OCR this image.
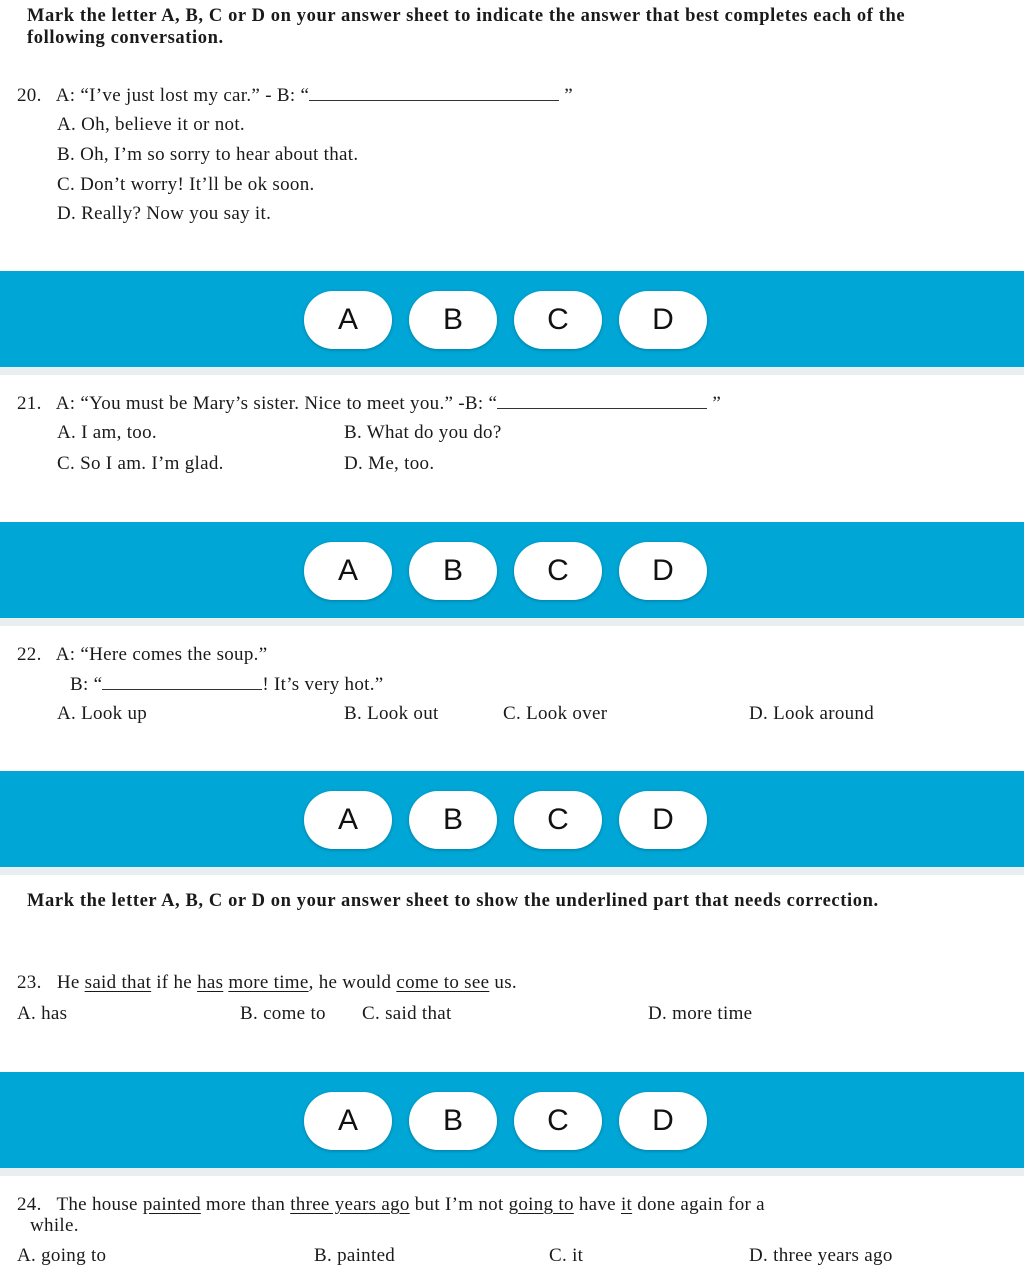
Mark the letter A, B, C or D on your answer sheet to indicate the answer that best completes each of the following conversation.
20. A: “I’ve just lost my car.” - B: “	”
A. Oh, believe it or not.
B. Oh, I’m so sorry to hear about that.
C. Don’t worry! It’ll be ok soon.
D. Really? Now you say it.
A	B	C	D
21. A: “You must be Mary’s sister. Nice to meet you.” -B: “	”
A. I am, too.	B. What do you do?
C. So I am. I’m glad.	D. Me, too.
A	B	C	D
22. A: “Here comes the soup.”
B: “	! It’s very hot.”
A. Look up	B. Look out	C. Look over	D. Look around
A	B	C	D
Mark the letter A, B, C or D on your answer sheet to show the underlined part that needs correction.
23. He said that if he has more time, he would come to see us.
A. has	B. come to C. said that	D. more time
A	B	C	D
24. The house painted more than three years ago but I’m not going to have it done again for a
while.
A. going to	B. painted	C. it	D. three years ago
